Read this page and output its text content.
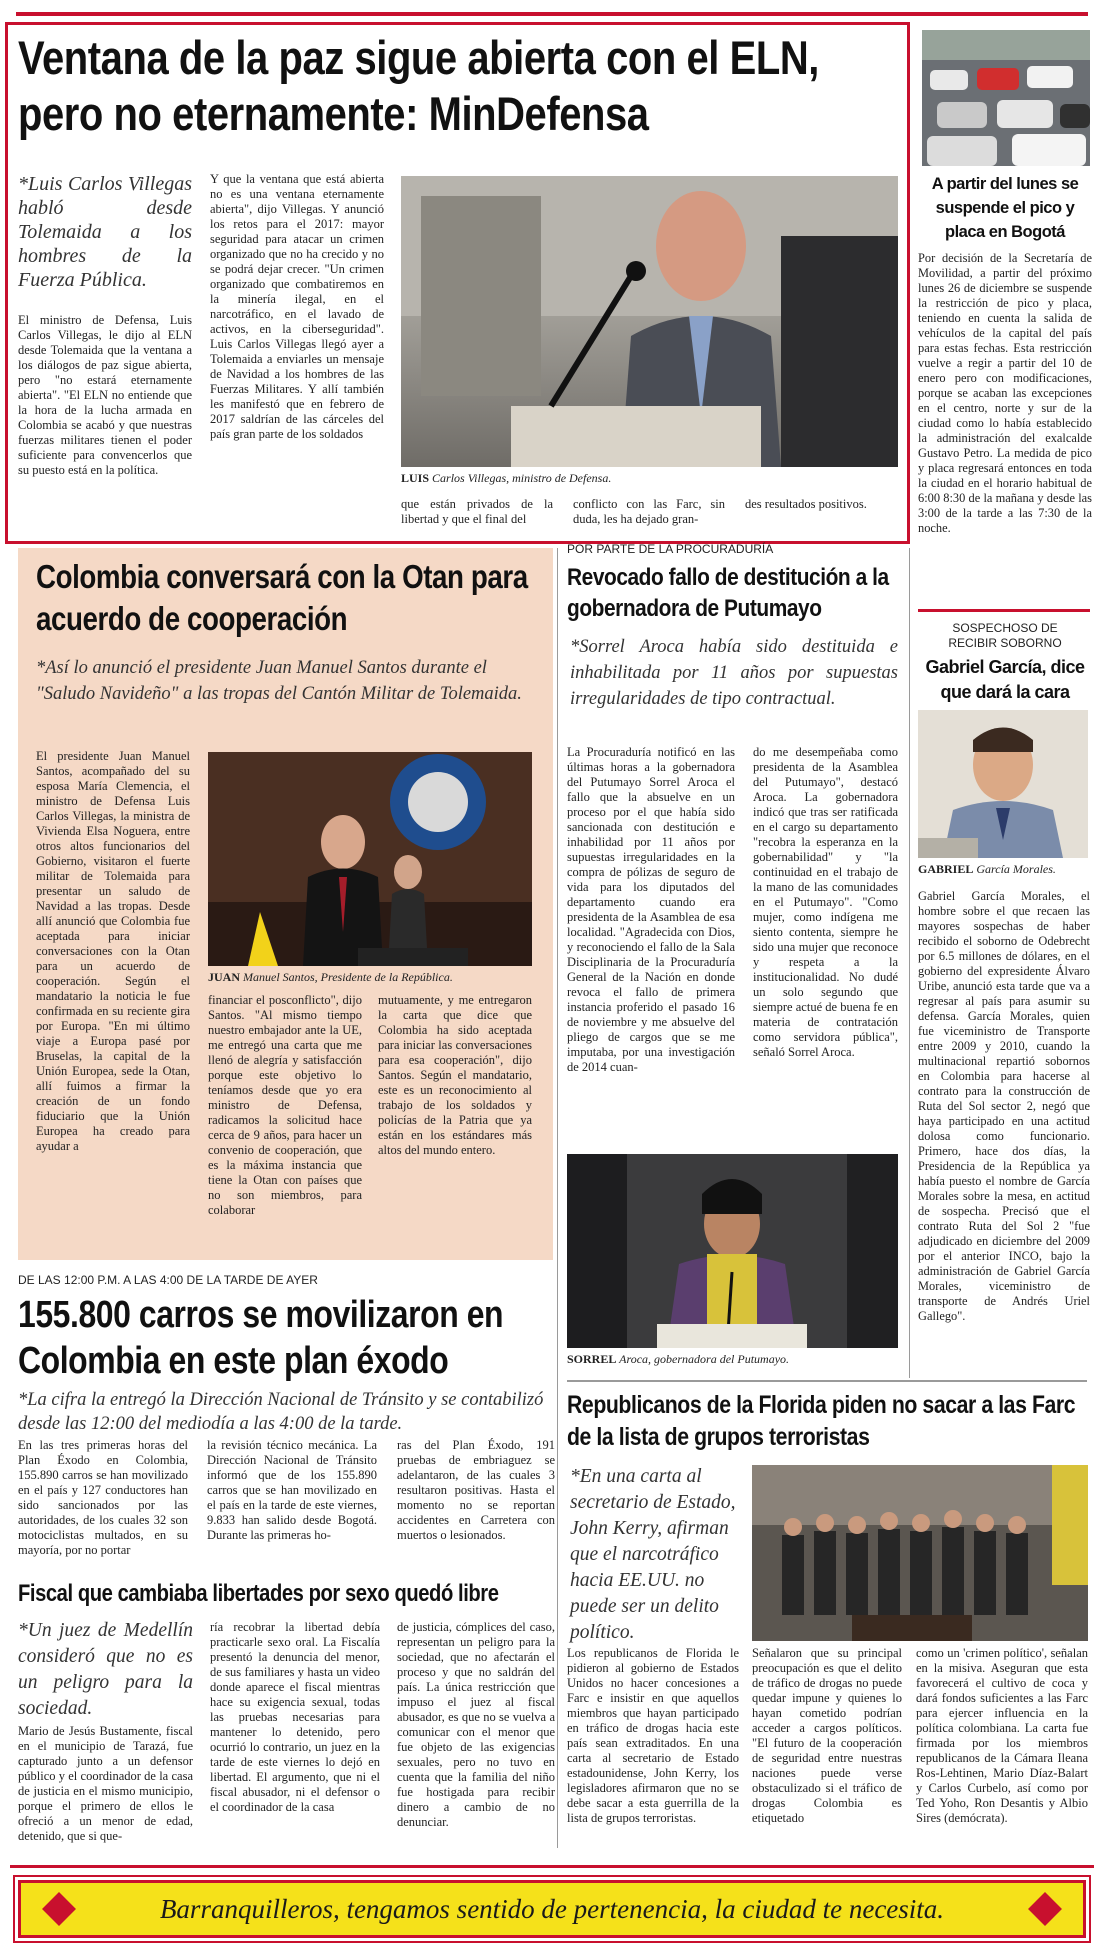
Ventana de la paz sigue abierta con el ELN, pero no eternamente: MinDefensa
*Luis Carlos Villegas habló desde Tolemaida a los hombres de la Fuerza Pública.
El ministro de Defensa, Luis Carlos Villegas, le dijo al ELN desde Tolemaida que la ventana a los diálogos de paz sigue abierta, pero "no estará eternamente abierta". "El ELN no entiende que la hora de la lucha armada en Colombia se acabó y que nuestras fuerzas militares tienen el poder suficiente para convencerlos que su puesto está en la política.
Y que la ventana que está abierta no es una ventana eternamente abierta", dijo Villegas. Y anunció los retos para el 2017: mayor seguridad para atacar un crimen organizado que no ha crecido y no se podrá dejar crecer. "Un crimen organizado que combatiremos en la minería ilegal, en el narcotráfico, en el lavado de activos, en la ciberseguridad". Luis Carlos Villegas llegó ayer a Tolemaida a enviarles un mensaje de Navidad a los hombres de las Fuerzas Militares. Y allí también les manifestó que en febrero de 2017 saldrían de las cárceles del país gran parte de los soldados
LUIS Carlos Villegas, ministro de Defensa.
que están privados de la libertad y que el final del
conflicto con las Farc, sin duda, les ha dejado gran-
des resultados positivos.
A partir del lunes se suspende el pico y placa en Bogotá
Por decisión de la Secretaría de Movilidad, a partir del próximo lunes 26 de diciembre se suspende la restricción de pico y placa, teniendo en cuenta la salida de vehículos de la capital del país para estas fechas. Esta restricción vuelve a regir a partir del 10 de enero pero con modificaciones, porque se acaban las excepciones en el centro, norte y sur de la ciudad como lo había establecido la administración del exalcalde Gustavo Petro. La medida de pico y placa regresará entonces en toda la ciudad en el horario habitual de 6:00 8:30 de la mañana y desde las 3:00 de la tarde a las 7:30 de la noche.
Colombia conversará con la Otan para acuerdo de cooperación
*Así lo anunció el presidente Juan Manuel Santos durante el "Saludo Navideño" a las tropas del Cantón Militar de Tolemaida.
El presidente Juan Manuel Santos, acompañado del su esposa María Clemencia, el ministro de Defensa Luis Carlos Villegas, la ministra de Vivienda Elsa Noguera, entre otros altos funcionarios del Gobierno, visitaron el fuerte militar de Tolemaida para presentar un saludo de Navidad a las tropas. Desde allí anunció que Colombia fue aceptada para iniciar conversaciones con la Otan para un acuerdo de cooperación. Según el mandatario la noticia le fue confirmada en su reciente gira por Europa. "En mi último viaje a Europa pasé por Bruselas, la capital de la Unión Europea, sede la Otan, allí fuimos a firmar la creación de un fondo fiduciario que la Unión Europea ha creado para ayudar a
JUAN Manuel Santos, Presidente de la República.
financiar el posconflicto", dijo Santos. "Al mismo tiempo nuestro embajador ante la UE, me entregó una carta que me llenó de alegría y satisfacción porque este objetivo lo teníamos desde que yo era ministro de Defensa, radicamos la solicitud hace cerca de 9 años, para hacer un convenio de cooperación, que es la máxima instancia que tiene la Otan con países que no son miembros, para colaborar
mutuamente, y me entregaron la carta que dice que Colombia ha sido aceptada para iniciar las conversaciones para esa cooperación", dijo Santos. Según el mandatario, este es un reconocimiento al trabajo de los soldados y policías de la Patria que ya están en los estándares más altos del mundo entero.
POR PARTE DE LA PROCURADURÍA
Revocado fallo de destitución a la gobernadora de Putumayo
*Sorrel Aroca había sido destituida e inhabilitada por 11 años por supuestas irregularidades de tipo contractual.
La Procuraduría notificó en las últimas horas a la gobernadora del Putumayo Sorrel Aroca el fallo que la absuelve en un proceso por el que había sido sancionada con destitución e inhabilidad por 11 años por supuestas irregularidades en la compra de pólizas de seguro de vida para los diputados del departamento cuando era presidenta de la Asamblea de esa localidad. "Agradecida con Dios, y reconociendo el fallo de la Sala Disciplinaria de la Procuraduría General de la Nación en donde revoca el fallo de primera instancia proferido el pasado 16 de noviembre y me absuelve del pliego de cargos que se me imputaba, por una investigación de 2014 cuan-
do me desempeñaba como presidenta de la Asamblea del Putumayo", destacó Aroca. La gobernadora indicó que tras ser ratificada en el cargo su departamento "recobra la esperanza en la gobernabilidad" y "la continuidad en el trabajo de la mano de las comunidades en el Putumayo". "Como mujer, como indígena me siento contenta, siempre he sido una mujer que reconoce y respeta a la institucionalidad. No dudé un solo segundo que siempre actué de buena fe en materia de contratación como servidora pública", señaló Sorrel Aroca.
SORREL Aroca, gobernadora del Putumayo.
SOSPECHOSO DE RECIBIR SOBORNO
Gabriel García, dice que dará la cara
GABRIEL García Morales.
Gabriel García Morales, el hombre sobre el que recaen las mayores sospechas de haber recibido el soborno de Odebrecht por 6.5 millones de dólares, en el gobierno del expresidente Álvaro Uribe, anunció esta tarde que va a regresar al país para asumir su defensa. García Morales, quien fue viceministro de Transporte entre 2009 y 2010, cuando la multinacional repartió sobornos en Colombia para hacerse al contrato para la construcción de Ruta del Sol sector 2, negó que haya participado en una actitud dolosa como funcionario. Primero, hace dos días, la Presidencia de la República ya había puesto el nombre de García Morales sobre la mesa, en actitud de sospecha. Precisó que el contrato Ruta del Sol 2 "fue adjudicado en diciembre del 2009 por el anterior INCO, bajo la administración de Gabriel García Morales, viceministro de transporte de Andrés Uriel Gallego".
DE LAS 12:00 P.M. A LAS 4:00 DE LA TARDE DE AYER
155.800 carros se movilizaron en Colombia en este plan éxodo
*La cifra la entregó la Dirección Nacional de Tránsito y se contabilizó desde las 12:00 del mediodía a las 4:00 de la tarde.
En las tres primeras horas del Plan Éxodo en Colombia, 155.890 carros se han movilizado en el país y 127 conductores han sido sancionados por las autoridades, de los cuales 32 son motociclistas multados, en su mayoría, por no portar
la revisión técnico mecánica. La Dirección Nacional de Tránsito informó que de los 155.890 carros que se han movilizado en el país en la tarde de este viernes, 9.833 han salido desde Bogotá. Durante las primeras ho-
ras del Plan Éxodo, 191 pruebas de embriaguez se adelantaron, de las cuales 3 resultaron positivas. Hasta el momento no se reportan accidentes en Carretera con muertos o lesionados.
Fiscal que cambiaba libertades por sexo quedó libre
*Un juez de Medellín consideró que no es un peligro para la sociedad.
Mario de Jesús Bustamente, fiscal en el municipio de Tarazá, fue capturado junto a un defensor público y el coordinador de la casa de justicia en el mismo municipio, porque el primero de ellos le ofreció a un menor de edad, detenido, que si que-
ría recobrar la libertad debía practicarle sexo oral. La Fiscalía presentó la denuncia del menor, de sus familiares y hasta un video donde aparece el fiscal mientras hace su exigencia sexual, todas las pruebas necesarias para mantener lo detenido, pero ocurrió lo contrario, un juez en la tarde de este viernes lo dejó en libertad. El argumento, que ni el fiscal abusador, ni el defensor o el coordinador de la casa
de justicia, cómplices del caso, representan un peligro para la sociedad, que no afectarán el proceso y que no saldrán del país. La única restricción que impuso el juez al fiscal abusador, es que no se vuelva a comunicar con el menor que fue objeto de las exigencias sexuales, pero no tuvo en cuenta que la familia del niño fue hostigada para recibir dinero a cambio de no denunciar.
Republicanos de la Florida piden no sacar a las Farc de la lista de grupos terroristas
*En una carta al secretario de Estado, John Kerry, afirman que el narcotráfico hacia EE.UU. no puede ser un delito político.
Los republicanos de Florida le pidieron al gobierno de Estados Unidos no hacer concesiones a Farc e insistir en que aquellos miembros que hayan participado en tráfico de drogas hacia este país sean extraditados. En una carta al secretario de Estado estadounidense, John Kerry, los legisladores afirmaron que no se debe sacar a esta guerrilla de la lista de grupos terroristas.
Señalaron que su principal preocupación es que el delito de tráfico de drogas no puede quedar impune y quienes lo hayan cometido podrían acceder a cargos políticos. "El futuro de la cooperación de seguridad entre nuestras naciones puede verse obstaculizado si el tráfico de drogas Colombia es etiquetado
como un 'crimen político', señalan en la misiva. Aseguran que esta favorecerá el cultivo de coca y dará fondos suficientes a las Farc para ejercer influencia en la política colombiana. La carta fue firmada por los miembros republicanos de la Cámara Ileana Ros-Lehtinen, Mario Díaz-Balart y Carlos Curbelo, así como por Ted Yoho, Ron Desantis y Albio Sires (demócrata).
Barranquilleros, tengamos sentido de pertenencia, la ciudad te necesita.
